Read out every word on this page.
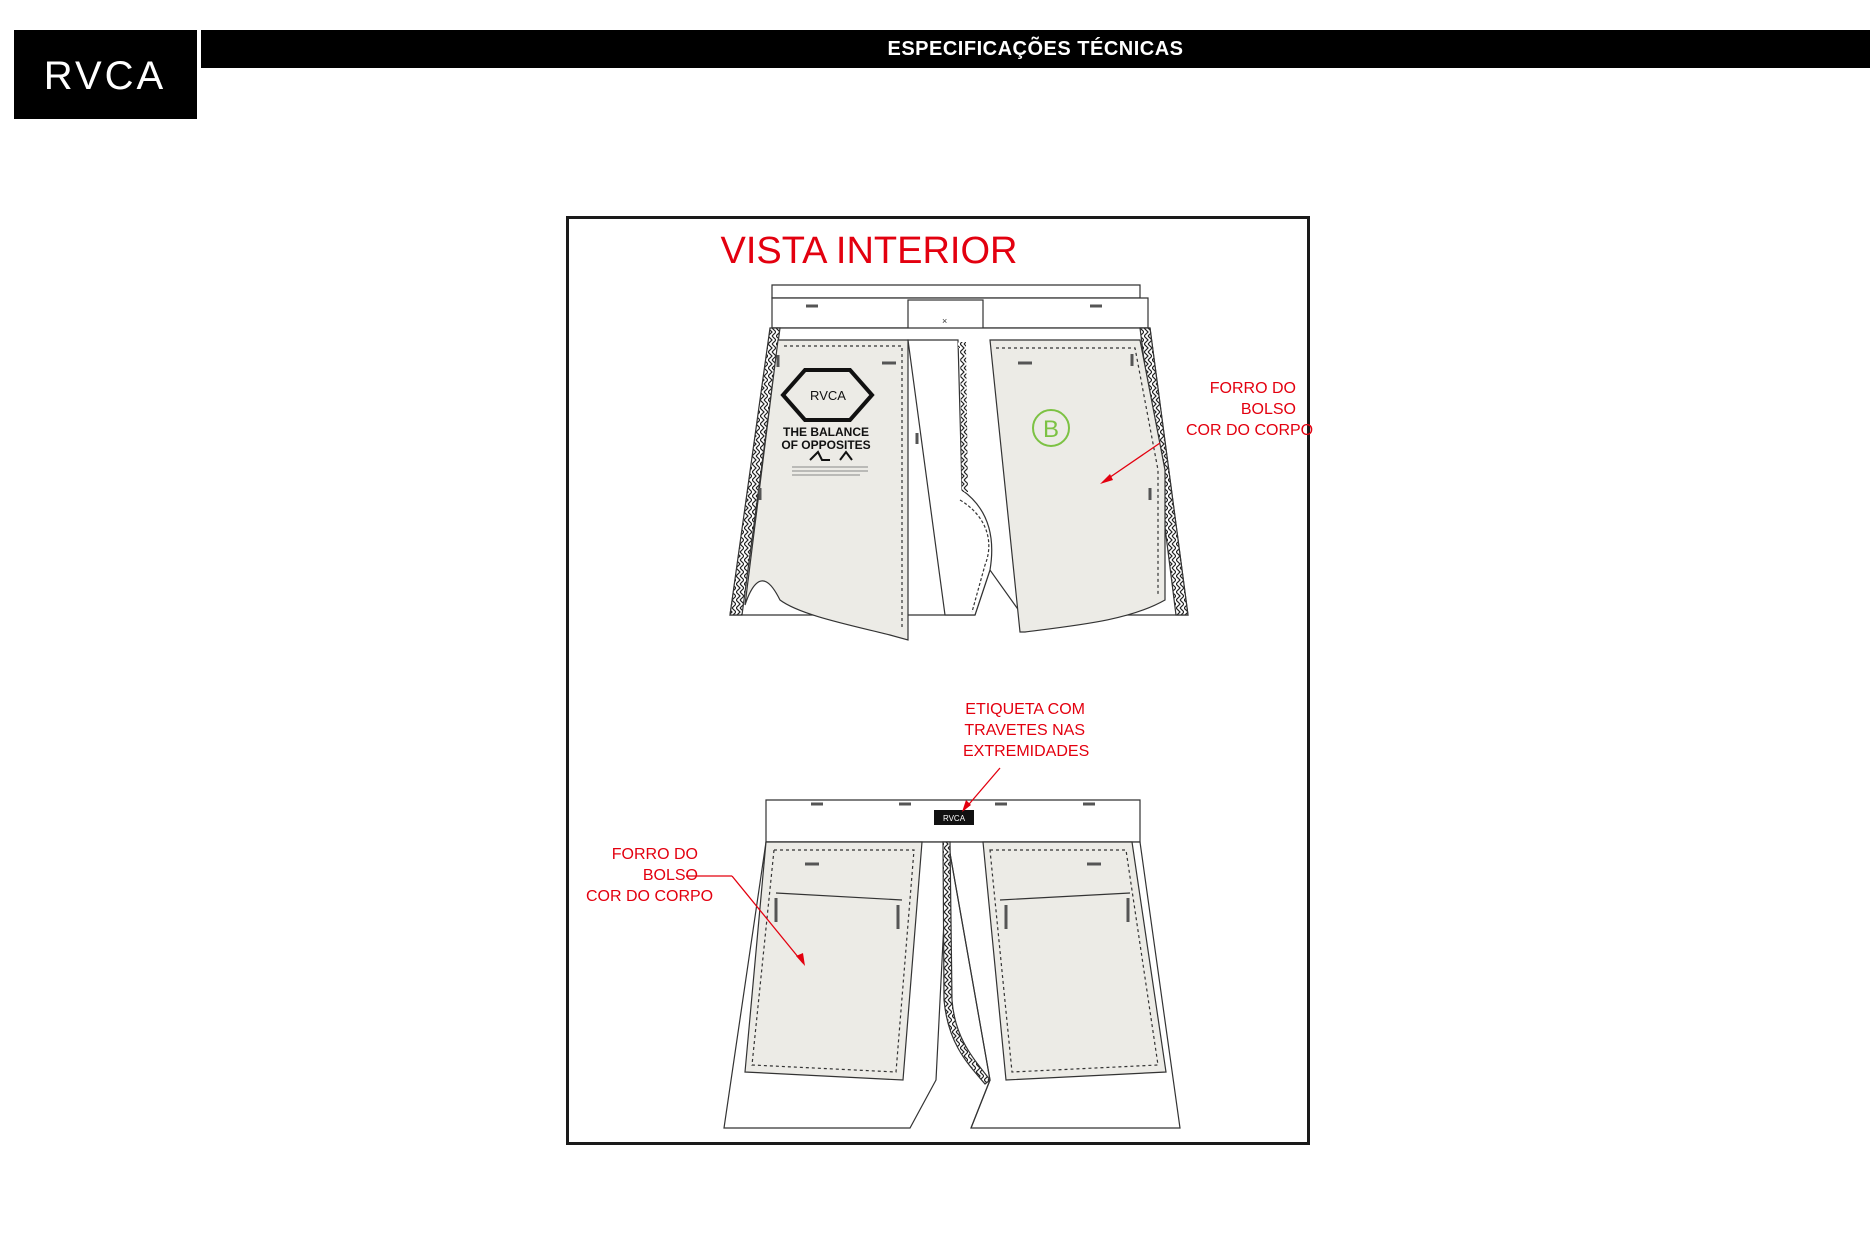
RVCA
ESPECIFICAÇÕES TÉCNICAS
VISTA INTERIOR
×
RVCA
THE BALANCE
OF OPPOSITES
B
RVCA
FORRO DO
BOLSO
COR DO CORPO
ETIQUETA COM
TRAVETES NAS
EXTREMIDADES
FORRO DO
BOLSO
COR DO CORPO
